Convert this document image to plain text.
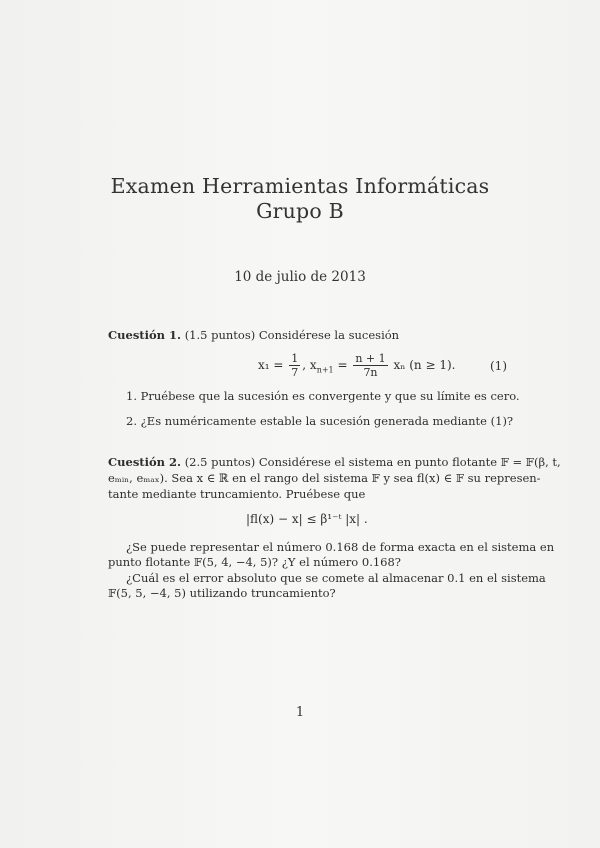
Examen Herramientas Informáticas
Grupo B
10 de julio de 2013
Cuestión 1. (1.5 puntos) Considérese la sucesión
$x_1 = \frac{1}{7}$ , $x_{n+1} = \frac{n + 1}{7n}$ xₙ (n ≥ 1).	(1)
1. Pruébese que la sucesión es convergente y que su límite es cero.
2. ¿Es numéricamente estable la sucesión generada mediante (1)?
Cuestión 2. (2.5 puntos) Considérese el sistema en punto flotante 𝔽 = 𝔽(β, t,
eₘᵢₙ, eₘₐₓ). Sea x ∈ ℝ en el rango del sistema 𝔽 y sea fl(x) ∈ 𝔽 su represen-
tante mediante truncamiento. Pruébese que
|fl(x) − x| ≤ β¹⁻ᵗ |x| .
¿Se puede representar el número 0.168 de forma exacta en el sistema en
punto flotante 𝔽(5, 4, −4, 5)? ¿Y el número 0.168?
¿Cuál es el error absoluto que se comete al almacenar 0.1 en el sistema
𝔽(5, 5, −4, 5) utilizando truncamiento?
1
